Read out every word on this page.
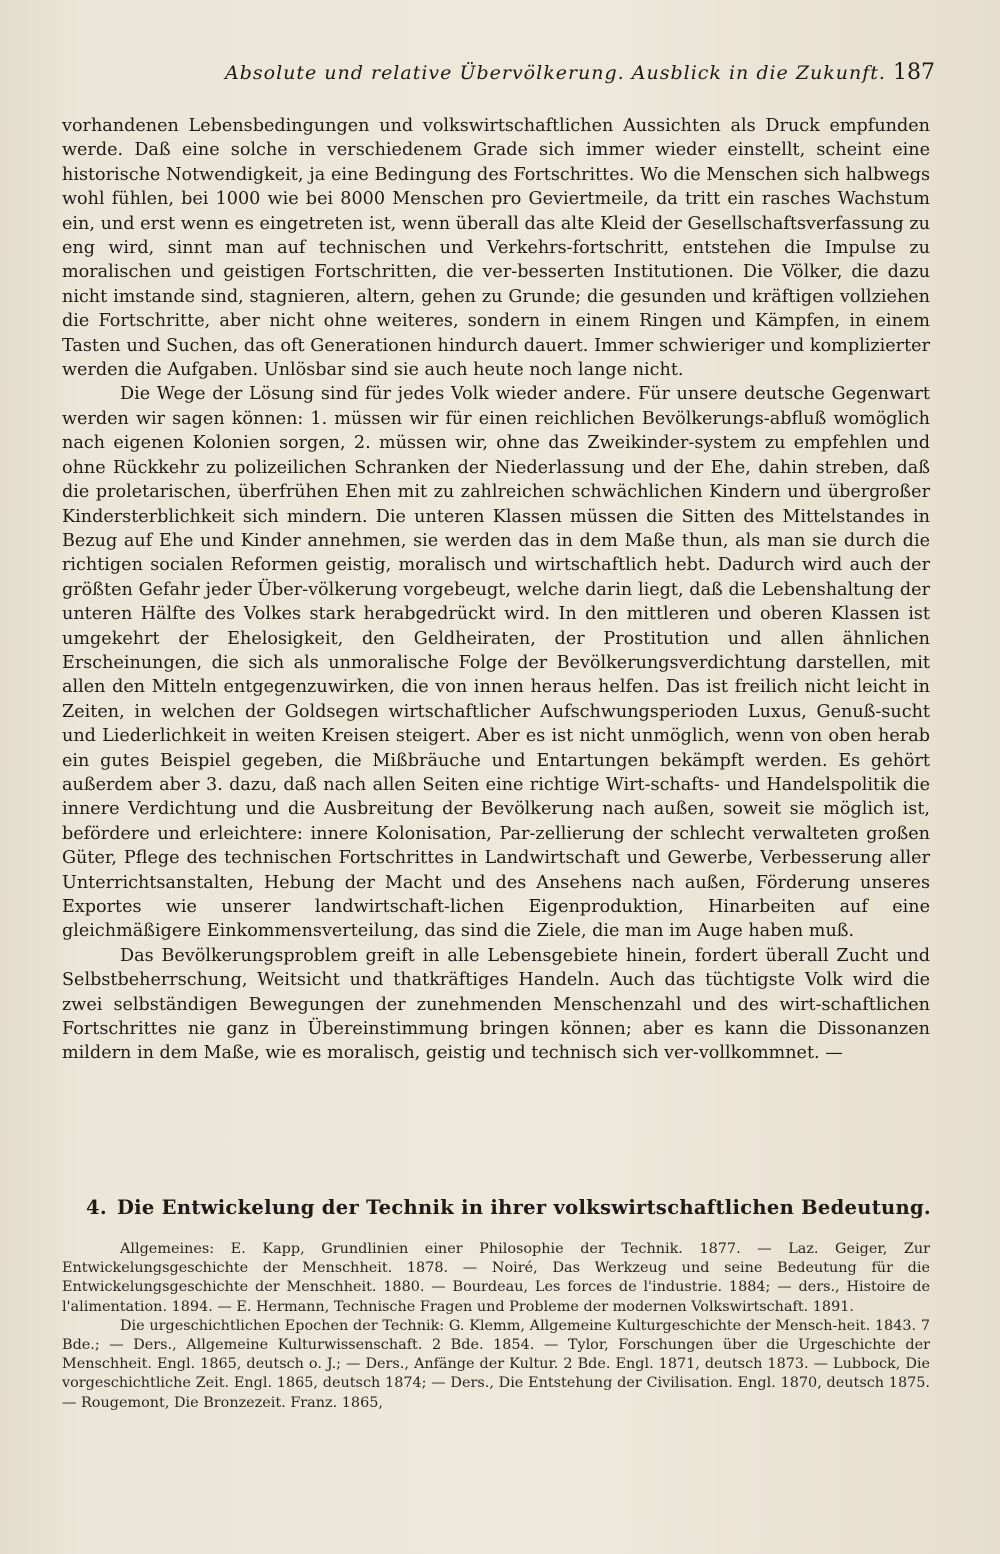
Absolute und relative Übervölkerung. Ausblick in die Zukunft. 187

vorhandenen Lebensbedingungen und volkswirtschaftlichen Aussichten als Druck empfunden werde. Daß eine solche in verschiedenem Grade sich immer wieder einstellt, scheint eine historische Notwendigkeit, ja eine Bedingung des Fortschrittes. Wo die Menschen sich halbwegs wohl fühlen, bei 1000 wie bei 8000 Menschen pro Geviertmeile, da tritt ein rasches Wachstum ein, und erst wenn es eingetreten ist, wenn überall das alte Kleid der Gesellschaftsverfassung zu eng wird, sinnt man auf technischen und Verkehrs-fortschritt, entstehen die Impulse zu moralischen und geistigen Fortschritten, die ver-besserten Institutionen. Die Völker, die dazu nicht imstande sind, stagnieren, altern, gehen zu Grunde; die gesunden und kräftigen vollziehen die Fortschritte, aber nicht ohne weiteres, sondern in einem Ringen und Kämpfen, in einem Tasten und Suchen, das oft Generationen hindurch dauert. Immer schwieriger und komplizierter werden die Aufgaben. Unlösbar sind sie auch heute noch lange nicht.

Die Wege der Lösung sind für jedes Volk wieder andere. Für unsere deutsche Gegenwart werden wir sagen können: 1. müssen wir für einen reichlichen Bevölkerungs-abfluß womöglich nach eigenen Kolonien sorgen, 2. müssen wir, ohne das Zweikinder-system zu empfehlen und ohne Rückkehr zu polizeilichen Schranken der Niederlassung und der Ehe, dahin streben, daß die proletarischen, überfrühen Ehen mit zu zahlreichen schwächlichen Kindern und übergroßer Kindersterblichkeit sich mindern. Die unteren Klassen müssen die Sitten des Mittelstandes in Bezug auf Ehe und Kinder annehmen, sie werden das in dem Maße thun, als man sie durch die richtigen socialen Reformen geistig, moralisch und wirtschaftlich hebt. Dadurch wird auch der größten Gefahr jeder Über-völkerung vorgebeugt, welche darin liegt, daß die Lebenshaltung der unteren Hälfte des Volkes stark herabgedrückt wird. In den mittleren und oberen Klassen ist umgekehrt der Ehelosigkeit, den Geldheiraten, der Prostitution und allen ähnlichen Erscheinungen, die sich als unmoralische Folge der Bevölkerungsverdichtung darstellen, mit allen den Mitteln entgegenzuwirken, die von innen heraus helfen. Das ist freilich nicht leicht in Zeiten, in welchen der Goldsegen wirtschaftlicher Aufschwungsperioden Luxus, Genuß-sucht und Liederlichkeit in weiten Kreisen steigert. Aber es ist nicht unmöglich, wenn von oben herab ein gutes Beispiel gegeben, die Mißbräuche und Entartungen bekämpft werden. Es gehört außerdem aber 3. dazu, daß nach allen Seiten eine richtige Wirt-schafts- und Handelspolitik die innere Verdichtung und die Ausbreitung der Bevölkerung nach außen, soweit sie möglich ist, befördere und erleichtere: innere Kolonisation, Par-zellierung der schlecht verwalteten großen Güter, Pflege des technischen Fortschrittes in Landwirtschaft und Gewerbe, Verbesserung aller Unterrichtsanstalten, Hebung der Macht und des Ansehens nach außen, Förderung unseres Exportes wie unserer landwirtschaft-lichen Eigenproduktion, Hinarbeiten auf eine gleichmäßigere Einkommensverteilung, das sind die Ziele, die man im Auge haben muß.

Das Bevölkerungsproblem greift in alle Lebensgebiete hinein, fordert überall Zucht und Selbstbeherrschung, Weitsicht und thatkräftiges Handeln. Auch das tüchtigste Volk wird die zwei selbständigen Bewegungen der zunehmenden Menschenzahl und des wirt-schaftlichen Fortschrittes nie ganz in Übereinstimmung bringen können; aber es kann die Dissonanzen mildern in dem Maße, wie es moralisch, geistig und technisch sich ver-vollkommnet. —

4. Die Entwickelung der Technik in ihrer volkswirtschaftlichen Bedeutung.

Allgemeines: E. Kapp, Grundlinien einer Philosophie der Technik. 1877. — Laz. Geiger, Zur Entwickelungsgeschichte der Menschheit. 1878. — Noiré, Das Werkzeug und seine Bedeutung für die Entwickelungsgeschichte der Menschheit. 1880. — Bourdeau, Les forces de l'industrie. 1884; — ders., Histoire de l'alimentation. 1894. — E. Hermann, Technische Fragen und Probleme der modernen Volkswirtschaft. 1891.

Die urgeschichtlichen Epochen der Technik: G. Klemm, Allgemeine Kulturgeschichte der Mensch-heit. 1843. 7 Bde.; — Ders., Allgemeine Kulturwissenschaft. 2 Bde. 1854. — Tylor, Forschungen über die Urgeschichte der Menschheit. Engl. 1865, deutsch o. J.; — Ders., Anfänge der Kultur. 2 Bde. Engl. 1871, deutsch 1873. — Lubbock, Die vorgeschichtliche Zeit. Engl. 1865, deutsch 1874; — Ders., Die Entstehung der Civilisation. Engl. 1870, deutsch 1875. — Rougemont, Die Bronzezeit. Franz. 1865,
